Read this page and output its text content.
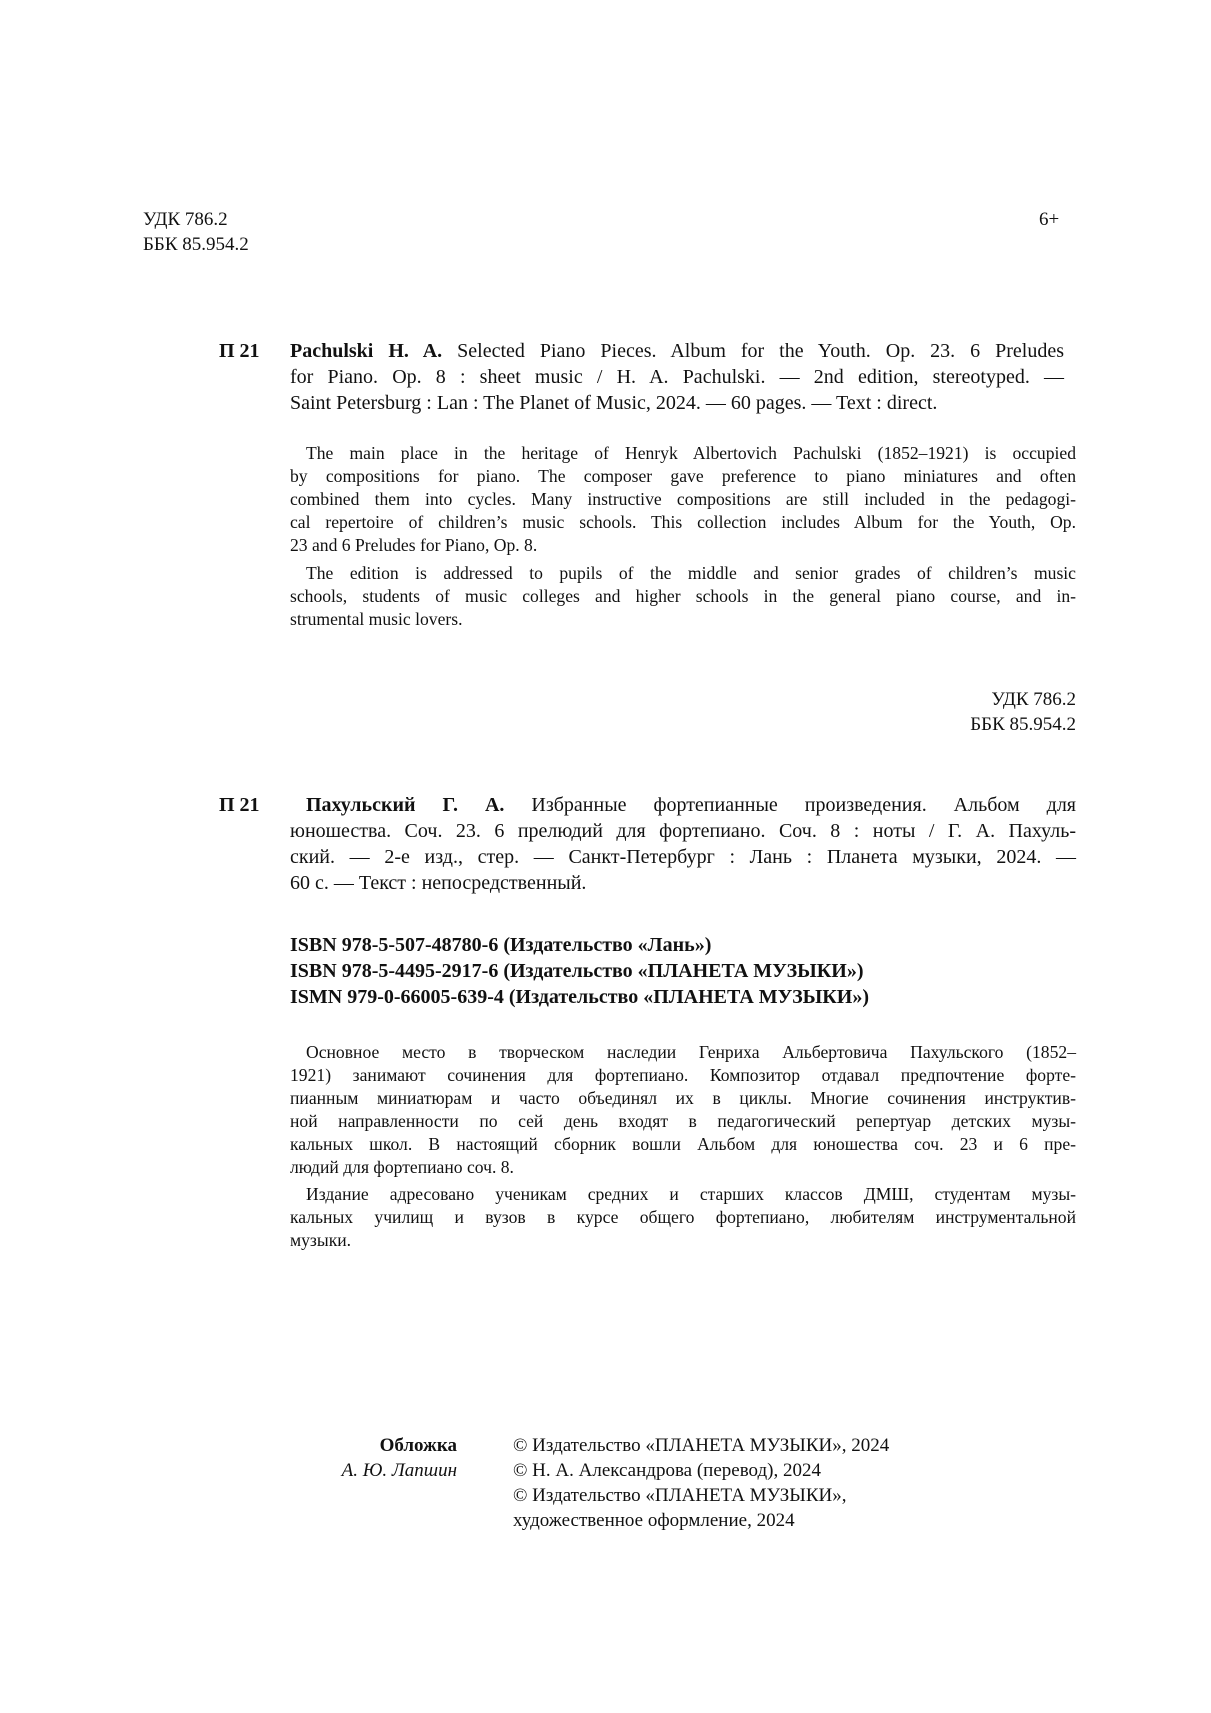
УДК 786.2
ББК 85.954.2
6+
П 21 Pachulski H. A. Selected Piano Pieces. Album for the Youth. Op. 23. 6 Preludes
for Piano. Op. 8 : sheet music / H. A. Pachulski. — 2nd edition, stereotyped. —
Saint Petersburg : Lan : The Planet of Music, 2024. — 60 pages. — Text : direct.
The main place in the heritage of Henryk Albertovich Pachulski (1852–1921) is occupied
by compositions for piano. The composer gave preference to piano miniatures and often
combined them into cycles. Many instructive compositions are still included in the pedagogi-
cal repertoire of children’s music schools. This collection includes Album for the Youth, Op.
23 and 6 Preludes for Piano, Op. 8.
The edition is addressed to pupils of the middle and senior grades of children’s music
schools, students of music colleges and higher schools in the general piano course, and in-
strumental music lovers.
УДК 786.2
ББК 85.954.2
П 21 Пахульский Г. А. Избранные фортепианные произведения. Альбом для
юношества. Соч. 23. 6 прелюдий для фортепиано. Соч. 8 : ноты / Г. А. Пахуль-
ский. — 2-е изд., стер. — Санкт-Петербург : Лань : Планета музыки, 2024. —
60 с. — Текст : непосредственный.
ISBN 978-5-507-48780-6 (Издательство «Лань»)
ISBN 978-5-4495-2917-6 (Издательство «ПЛАНЕТА МУЗЫКИ»)
ISMN 979-0-66005-639-4 (Издательство «ПЛАНЕТА МУЗЫКИ»)
Основное место в творческом наследии Генриха Альбертовича Пахульского (1852–
1921) занимают сочинения для фортепиано. Композитор отдавал предпочтение форте-
пианным миниатюрам и часто объединял их в циклы. Многие сочинения инструктив-
ной направленности по сей день входят в педагогический репертуар детских музы-
кальных школ. В настоящий сборник вошли Альбом для юношества соч. 23 и 6 пре-
людий для фортепиано соч. 8.
Издание адресовано ученикам средних и старших классов ДМШ, студентам музы-
кальных училищ и вузов в курсе общего фортепиано, любителям инструментальной
музыки.
Обложка
А. Ю. Лапшин
© Издательство «ПЛАНЕТА МУЗЫКИ», 2024
© Н. А. Александрова (перевод), 2024
© Издательство «ПЛАНЕТА МУЗЫКИ»,
художественное оформление, 2024
